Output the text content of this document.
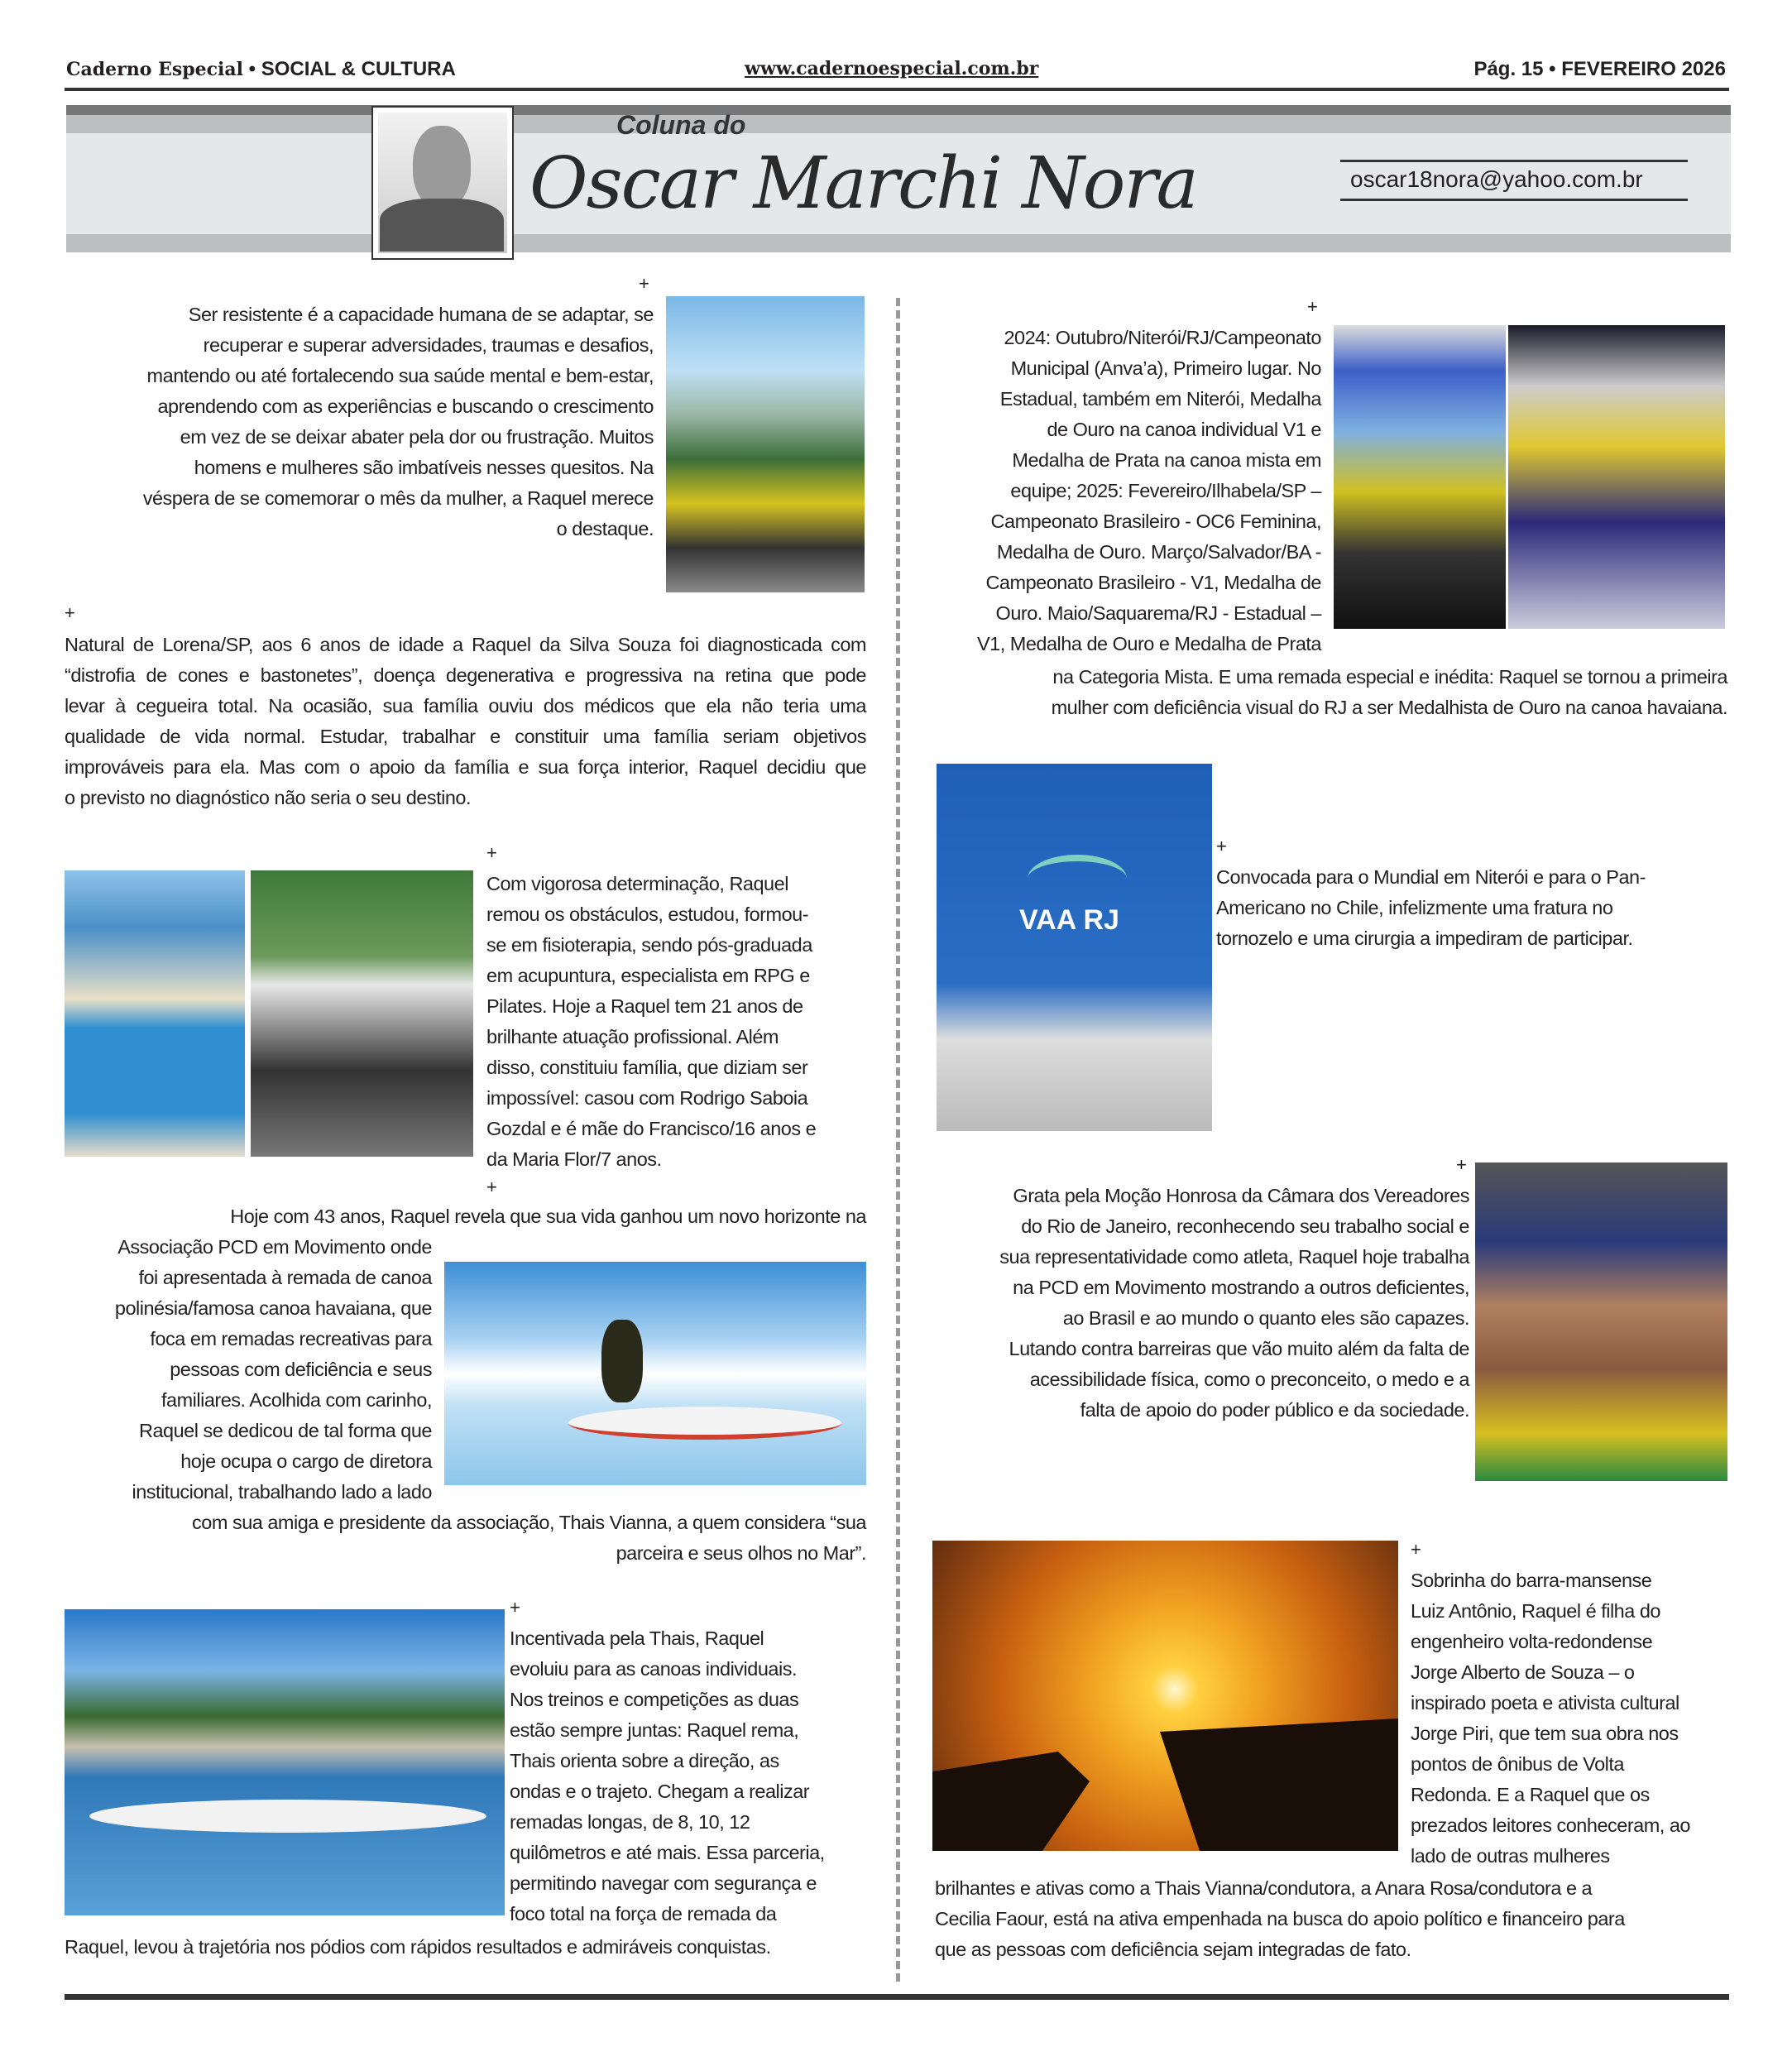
Caderno Especial • SOCIAL & CULTURA	www.cadernoespecial.com.br	Pág. 15 • FEVEREIRO 2026
Coluna do
Oscar Marchi Nora	oscar18nora@yahoo.com.br
+
Ser resistente é a capacidade humana de se adaptar, se
recuperar e superar adversidades, traumas e desafios,
mantendo ou até fortalecendo sua saúde mental e bem-estar,
aprendendo com as experiências e buscando o crescimento
em vez de se deixar abater pela dor ou frustração. Muitos
homens e mulheres são imbatíveis nesses quesitos. Na
véspera de se comemorar o mês da mulher, a Raquel merece
o destaque.
+
Natural de Lorena/SP, aos 6 anos de idade a Raquel da Silva Souza foi diagnosticada com
“distrofia de cones e bastonetes”, doença degenerativa e progressiva na retina que pode
levar à cegueira total. Na ocasião, sua família ouviu dos médicos que ela não teria uma
qualidade de vida normal. Estudar, trabalhar e constituir uma família seriam objetivos
improváveis para ela. Mas com o apoio da família e sua força interior, Raquel decidiu que
o previsto no diagnóstico não seria o seu destino.
+
Com vigorosa determinação, Raquel
remou os obstáculos, estudou, formou-
se em fisioterapia, sendo pós-graduada
em acupuntura, especialista em RPG e
Pilates. Hoje a Raquel tem 21 anos de
brilhante atuação profissional. Além
disso, constituiu família, que diziam ser
impossível: casou com Rodrigo Saboia
Gozdal e é mãe do Francisco/16 anos e
da Maria Flor/7 anos.
+
Hoje com 43 anos, Raquel revela que sua vida ganhou um novo horizonte na
Associação PCD em Movimento onde
foi apresentada à remada de canoa
polinésia/famosa canoa havaiana, que
foca em remadas recreativas para
pessoas com deficiência e seus
familiares. Acolhida com carinho,
Raquel se dedicou de tal forma que
hoje ocupa o cargo de diretora
institucional, trabalhando lado a lado
com sua amiga e presidente da associação, Thais Vianna, a quem considera “sua
parceira e seus olhos no Mar”.
+
Incentivada pela Thais, Raquel
evoluiu para as canoas individuais.
Nos treinos e competições as duas
estão sempre juntas: Raquel rema,
Thais orienta sobre a direção, as
ondas e o trajeto. Chegam a realizar
remadas longas, de 8, 10, 12
quilômetros e até mais. Essa parceria,
permitindo navegar com segurança e
foco total na força de remada da
Raquel, levou à trajetória nos pódios com rápidos resultados e admiráveis conquistas.
+
2024: Outubro/Niterói/RJ/Campeonato
Municipal (Anva’a), Primeiro lugar. No
Estadual, também em Niterói, Medalha
de Ouro na canoa individual V1 e
Medalha de Prata na canoa mista em
equipe; 2025: Fevereiro/Ilhabela/SP –
Campeonato Brasileiro - OC6 Feminina,
Medalha de Ouro. Março/Salvador/BA -
Campeonato Brasileiro - V1, Medalha de
Ouro. Maio/Saquarema/RJ - Estadual –
V1, Medalha de Ouro e Medalha de Prata
na Categoria Mista. E uma remada especial e inédita: Raquel se tornou a primeira
mulher com deficiência visual do RJ a ser Medalhista de Ouro na canoa havaiana.
VAA RJ
+
Convocada para o Mundial em Niterói e para o Pan-
Americano no Chile, infelizmente uma fratura no
tornozelo e uma cirurgia a impediram de participar.
+
Grata pela Moção Honrosa da Câmara dos Vereadores
do Rio de Janeiro, reconhecendo seu trabalho social e
sua representatividade como atleta, Raquel hoje trabalha
na PCD em Movimento mostrando a outros deficientes,
ao Brasil e ao mundo o quanto eles são capazes.
Lutando contra barreiras que vão muito além da falta de
acessibilidade física, como o preconceito, o medo e a
falta de apoio do poder público e da sociedade.
+
Sobrinha do barra-mansense
Luiz Antônio, Raquel é filha do
engenheiro volta-redondense
Jorge Alberto de Souza – o
inspirado poeta e ativista cultural
Jorge Piri, que tem sua obra nos
pontos de ônibus de Volta
Redonda. E a Raquel que os
prezados leitores conheceram, ao
lado de outras mulheres
brilhantes e ativas como a Thais Vianna/condutora, a Anara Rosa/condutora e a
Cecilia Faour, está na ativa empenhada na busca do apoio político e financeiro para
que as pessoas com deficiência sejam integradas de fato.
